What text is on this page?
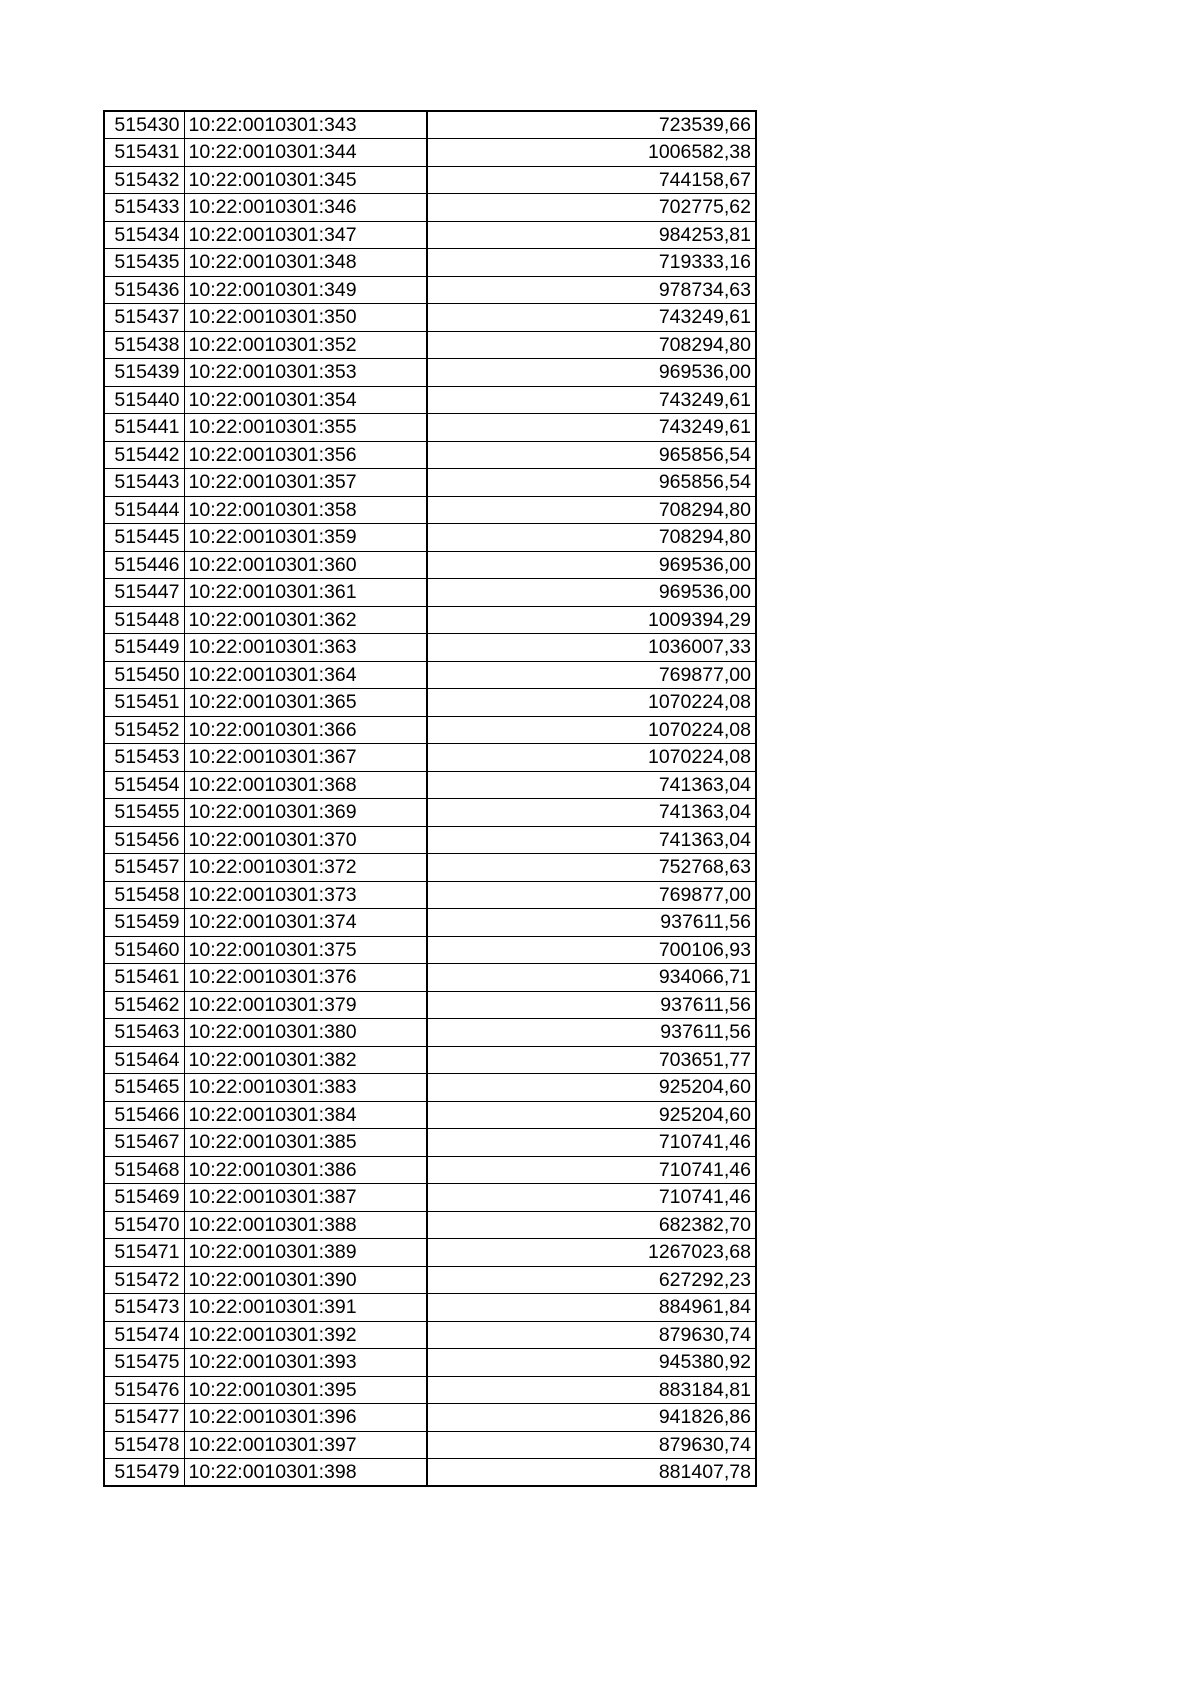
515430	10:22:0010301:343	723539,66
515431	10:22:0010301:344	1006582,38
515432	10:22:0010301:345	744158,67
515433	10:22:0010301:346	702775,62
515434	10:22:0010301:347	984253,81
515435	10:22:0010301:348	719333,16
515436	10:22:0010301:349	978734,63
515437	10:22:0010301:350	743249,61
515438	10:22:0010301:352	708294,80
515439	10:22:0010301:353	969536,00
515440	10:22:0010301:354	743249,61
515441	10:22:0010301:355	743249,61
515442	10:22:0010301:356	965856,54
515443	10:22:0010301:357	965856,54
515444	10:22:0010301:358	708294,80
515445	10:22:0010301:359	708294,80
515446	10:22:0010301:360	969536,00
515447	10:22:0010301:361	969536,00
515448	10:22:0010301:362	1009394,29
515449	10:22:0010301:363	1036007,33
515450	10:22:0010301:364	769877,00
515451	10:22:0010301:365	1070224,08
515452	10:22:0010301:366	1070224,08
515453	10:22:0010301:367	1070224,08
515454	10:22:0010301:368	741363,04
515455	10:22:0010301:369	741363,04
515456	10:22:0010301:370	741363,04
515457	10:22:0010301:372	752768,63
515458	10:22:0010301:373	769877,00
515459	10:22:0010301:374	937611,56
515460	10:22:0010301:375	700106,93
515461	10:22:0010301:376	934066,71
515462	10:22:0010301:379	937611,56
515463	10:22:0010301:380	937611,56
515464	10:22:0010301:382	703651,77
515465	10:22:0010301:383	925204,60
515466	10:22:0010301:384	925204,60
515467	10:22:0010301:385	710741,46
515468	10:22:0010301:386	710741,46
515469	10:22:0010301:387	710741,46
515470	10:22:0010301:388	682382,70
515471	10:22:0010301:389	1267023,68
515472	10:22:0010301:390	627292,23
515473	10:22:0010301:391	884961,84
515474	10:22:0010301:392	879630,74
515475	10:22:0010301:393	945380,92
515476	10:22:0010301:395	883184,81
515477	10:22:0010301:396	941826,86
515478	10:22:0010301:397	879630,74
515479	10:22:0010301:398	881407,78
